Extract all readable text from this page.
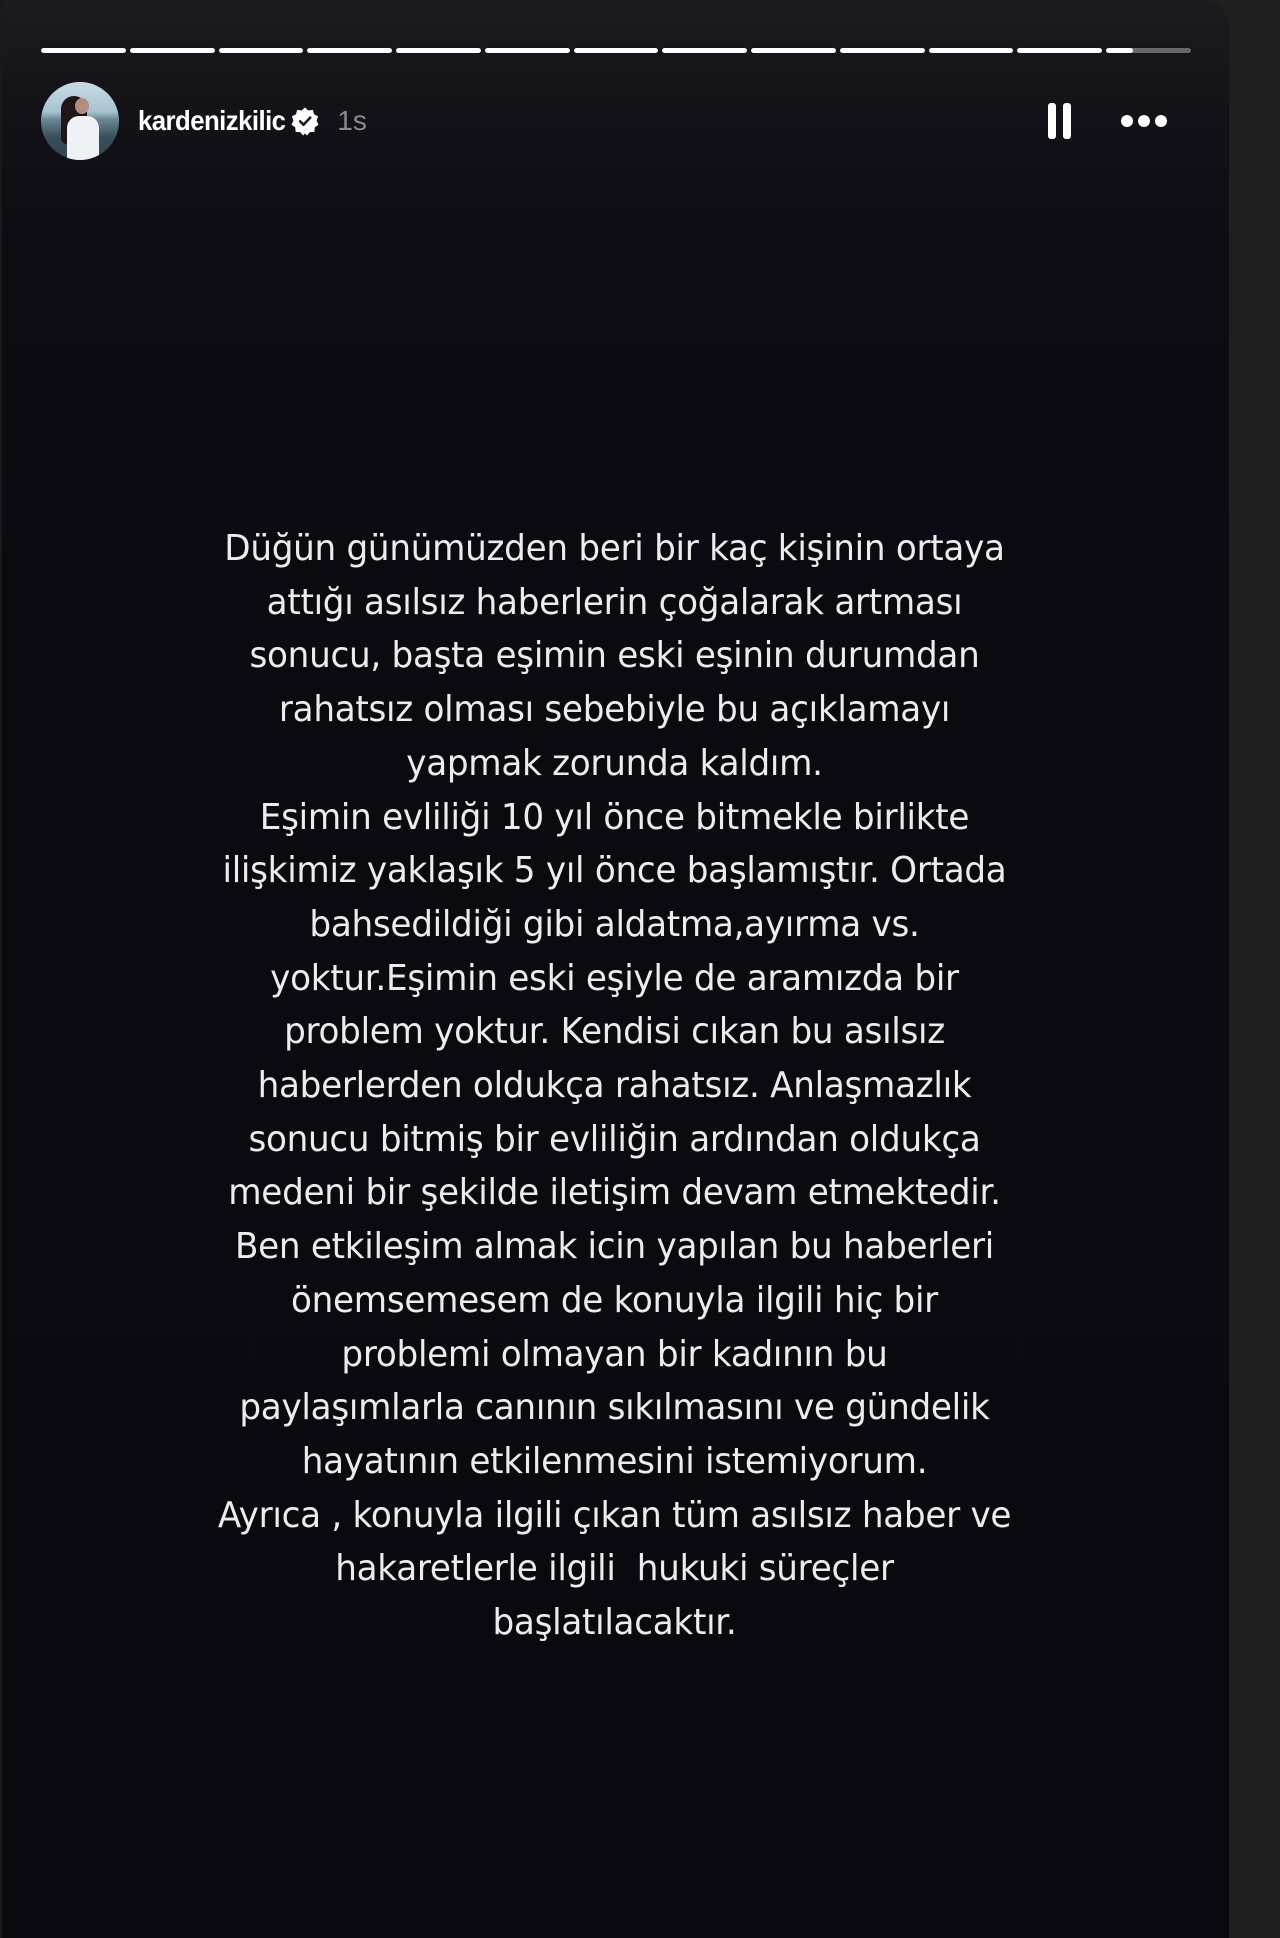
kardenizkilic 1s
Düğün günümüzden beri bir kaç kişinin ortaya
attığı asılsız haberlerin çoğalarak artması
sonucu, başta eşimin eski eşinin durumdan
rahatsız olması sebebiyle bu açıklamayı
yapmak zorunda kaldım.
Eşimin evliliği 10 yıl önce bitmekle birlikte
ilişkimiz yaklaşık 5 yıl önce başlamıştır. Ortada
bahsedildiği gibi aldatma,ayırma vs.
yoktur.Eşimin eski eşiyle de aramızda bir
problem yoktur. Kendisi cıkan bu asılsız
haberlerden oldukça rahatsız. Anlaşmazlık
sonucu bitmiş bir evliliğin ardından oldukça
medeni bir şekilde iletişim devam etmektedir.
Ben etkileşim almak icin yapılan bu haberleri
önemsemesem de konuyla ilgili hiç bir
problemi olmayan bir kadının bu
paylaşımlarla canının sıkılmasını ve gündelik
hayatının etkilenmesini istemiyorum.
Ayrıca , konuyla ilgili çıkan tüm asılsız haber ve
hakaretlerle ilgili  hukuki süreçler
başlatılacaktır.
